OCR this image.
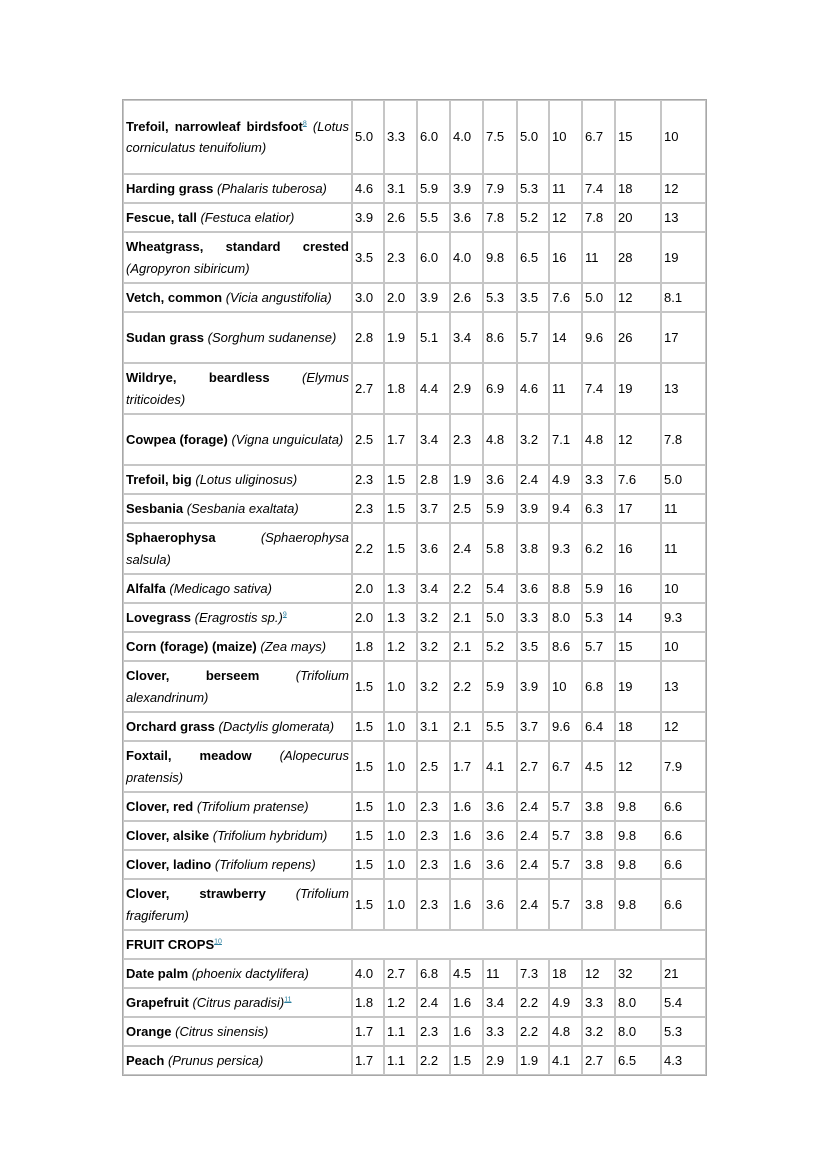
Trefoil, narrowleaf birdsfoot$^8$ (Lotus corniculatus tenuifolium)	5.0	3.3	6.0	4.0	7.5	5.0	10	6.7	15	10
Harding grass (Phalaris tuberosa)	4.6	3.1	5.9	3.9	7.9	5.3	11	7.4	18	12
Fescue, tall (Festuca elatior)	3.9	2.6	5.5	3.6	7.8	5.2	12	7.8	20	13
Wheatgrass, standard crested (Agropyron sibiricum)	3.5	2.3	6.0	4.0	9.8	6.5	16	11	28	19
Vetch, common (Vicia angustifolia)	3.0	2.0	3.9	2.6	5.3	3.5	7.6	5.0	12	8.1
Sudan grass (Sorghum sudanense)	2.8	1.9	5.1	3.4	8.6	5.7	14	9.6	26	17
Wildrye, beardless (Elymus triticoides)	2.7	1.8	4.4	2.9	6.9	4.6	11	7.4	19	13
Cowpea (forage) (Vigna unguiculata)	2.5	1.7	3.4	2.3	4.8	3.2	7.1	4.8	12	7.8
Trefoil, big (Lotus uliginosus)	2.3	1.5	2.8	1.9	3.6	2.4	4.9	3.3	7.6	5.0
Sesbania (Sesbania exaltata)	2.3	1.5	3.7	2.5	5.9	3.9	9.4	6.3	17	11
Sphaerophysa (Sphaerophysa salsula)	2.2	1.5	3.6	2.4	5.8	3.8	9.3	6.2	16	11
Alfalfa (Medicago sativa)	2.0	1.3	3.4	2.2	5.4	3.6	8.8	5.9	16	10
Lovegrass (Eragrostis sp.)$^9$	2.0	1.3	3.2	2.1	5.0	3.3	8.0	5.3	14	9.3
Corn (forage) (maize) (Zea mays)	1.8	1.2	3.2	2.1	5.2	3.5	8.6	5.7	15	10
Clover, berseem (Trifolium alexandrinum)	1.5	1.0	3.2	2.2	5.9	3.9	10	6.8	19	13
Orchard grass (Dactylis glomerata)	1.5	1.0	3.1	2.1	5.5	3.7	9.6	6.4	18	12
Foxtail, meadow (Alopecurus pratensis)	1.5	1.0	2.5	1.7	4.1	2.7	6.7	4.5	12	7.9
Clover, red (Trifolium pratense)	1.5	1.0	2.3	1.6	3.6	2.4	5.7	3.8	9.8	6.6
Clover, alsike (Trifolium hybridum)	1.5	1.0	2.3	1.6	3.6	2.4	5.7	3.8	9.8	6.6
Clover, ladino (Trifolium repens)	1.5	1.0	2.3	1.6	3.6	2.4	5.7	3.8	9.8	6.6
Clover, strawberry (Trifolium fragiferum)	1.5	1.0	2.3	1.6	3.6	2.4	5.7	3.8	9.8	6.6
FRUIT CROPS$^{10}$
Date palm (phoenix dactylifera)	4.0	2.7	6.8	4.5	11	7.3	18	12	32	21
Grapefruit (Citrus paradisi)$^{11}$	1.8	1.2	2.4	1.6	3.4	2.2	4.9	3.3	8.0	5.4
Orange (Citrus sinensis)	1.7	1.1	2.3	1.6	3.3	2.2	4.8	3.2	8.0	5.3
Peach (Prunus persica)	1.7	1.1	2.2	1.5	2.9	1.9	4.1	2.7	6.5	4.3
